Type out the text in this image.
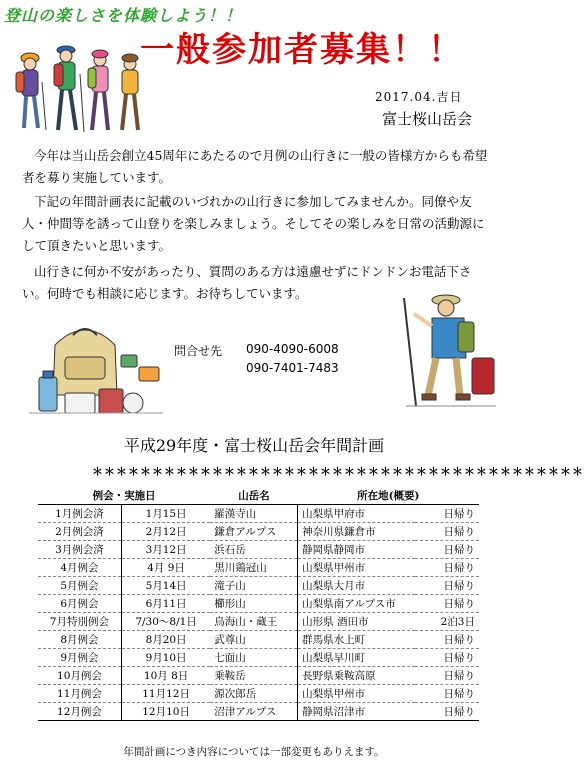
登山の楽しさを体験しよう！！
一般参加者募集！！
2017.04.吉日
富士桜山岳会
今年は当山岳会創立45周年にあたるので月例の山行きに一般の皆様方からも希望者を募り実施しています。
下記の年間計画表に記載のいづれかの山行きに参加してみませんか。同僚や友人・仲間等を誘って山登りを楽しみましょう。そしてその楽しみを日常の活動源にして頂きたいと思います。
山行きに何か不安があったり、質問のある方は遠慮せずにドンドンお電話下さい。何時でも相談に応じます。お待ちしています。
問合せ先 090-4090-6008
090-7401-7483
平成29年度・富士桜山岳会年間計画
＊＊＊＊＊＊＊＊＊＊＊＊＊＊＊＊＊＊＊＊＊＊＊＊＊＊＊＊＊＊＊＊＊＊＊＊＊＊＊＊＊
例会・実施日		山岳名	所在地(概要)	
1月例会済	1月15日	羅漢寺山	山梨県甲府市	日帰り
2月例会済	2月12日	鎌倉アルプス	神奈川県鎌倉市	日帰り
3月例会済	3月12日	浜石岳	静岡県静岡市	日帰り
4月例会	4月 9日	黒川鶏冠山	山梨県甲州市	日帰り
5月例会	5月14日	滝子山	山梨県大月市	日帰り
6月例会	6月11日	櫛形山	山梨県南アルプス市	日帰り
7月特別例会	7/30～8/1日	鳥海山・蔵王	山形県 酒田市	2泊3日
8月例会	8月20日	武尊山	群馬県水上町	日帰り
9月例会	9月10日	七面山	山梨県早川町	日帰り
10月例会	10月 8日	乗鞍岳	長野県乗鞍高原	日帰り
11月例会	11月12日	源次郎岳	山梨県甲州市	日帰り
12月例会	12月10日	沼津アルプス	静岡県沼津市	日帰り
年間計画につき内容については一部変更もありえます。
